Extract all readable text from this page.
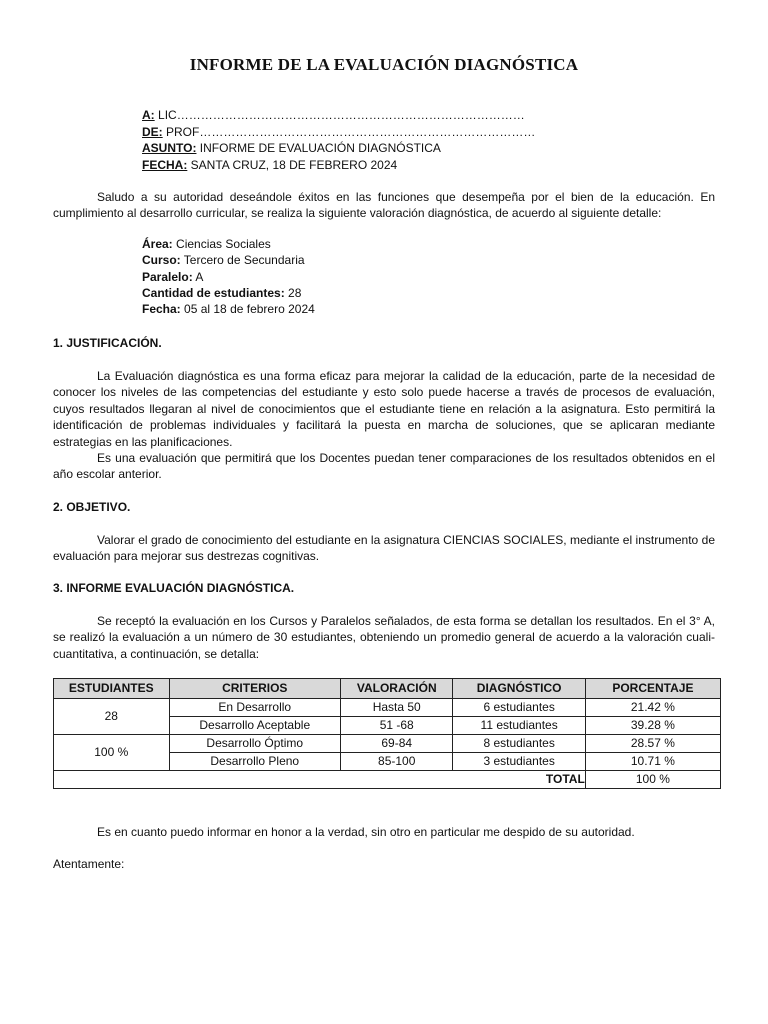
INFORME DE LA EVALUACIÓN DIAGNÓSTICA
A: LIC……………………………………………………………………………
DE: PROF…………………………………………………………………………
ASUNTO: INFORME DE EVALUACIÓN DIAGNÓSTICA
FECHA: SANTA CRUZ, 18 DE FEBRERO 2024
Saludo a su autoridad deseándole éxitos en las funciones que desempeña por el bien de la educación. En cumplimiento al desarrollo curricular, se realiza la siguiente valoración diagnóstica, de acuerdo al siguiente detalle:
Área: Ciencias Sociales
Curso: Tercero de Secundaria
Paralelo: A
Cantidad de estudiantes: 28
Fecha: 05 al 18 de febrero 2024
1. JUSTIFICACIÓN.
La Evaluación diagnóstica es una forma eficaz para mejorar la calidad de la educación, parte de la necesidad de conocer los niveles de las competencias del estudiante y esto solo puede hacerse a través de procesos de evaluación, cuyos resultados llegaran al nivel de conocimientos que el estudiante tiene en relación a la asignatura. Esto permitirá la identificación de problemas individuales y facilitará la puesta en marcha de soluciones, que se aplicaran mediante estrategias en las planificaciones.
Es una evaluación que permitirá que los Docentes puedan tener comparaciones de los resultados obtenidos en el año escolar anterior.
2. OBJETIVO.
Valorar el grado de conocimiento del estudiante en la asignatura CIENCIAS SOCIALES, mediante el instrumento de evaluación para mejorar sus destrezas cognitivas.
3. INFORME EVALUACIÓN DIAGNÓSTICA.
Se receptó la evaluación en los Cursos y Paralelos señalados, de esta forma se detallan los resultados. En el 3° A, se realizó la evaluación a un número de 30 estudiantes, obteniendo un promedio general de acuerdo a la valoración cuali-cuantitativa, a continuación, se detalla:
ESTUDIANTES	CRITERIOS	VALORACIÓN	DIAGNÓSTICO	PORCENTAJE
28	En Desarrollo	Hasta 50	6 estudiantes	21.42 %
	Desarrollo Aceptable	51 -68	11 estudiantes	39.28 %
100 %	Desarrollo Óptimo	69-84	8 estudiantes	28.57 %
	Desarrollo Pleno	85-100	3 estudiantes	10.71 %
TOTAL				100 %
Es en cuanto puedo informar en honor a la verdad, sin otro en particular me despido de su autoridad.
Atentamente:
